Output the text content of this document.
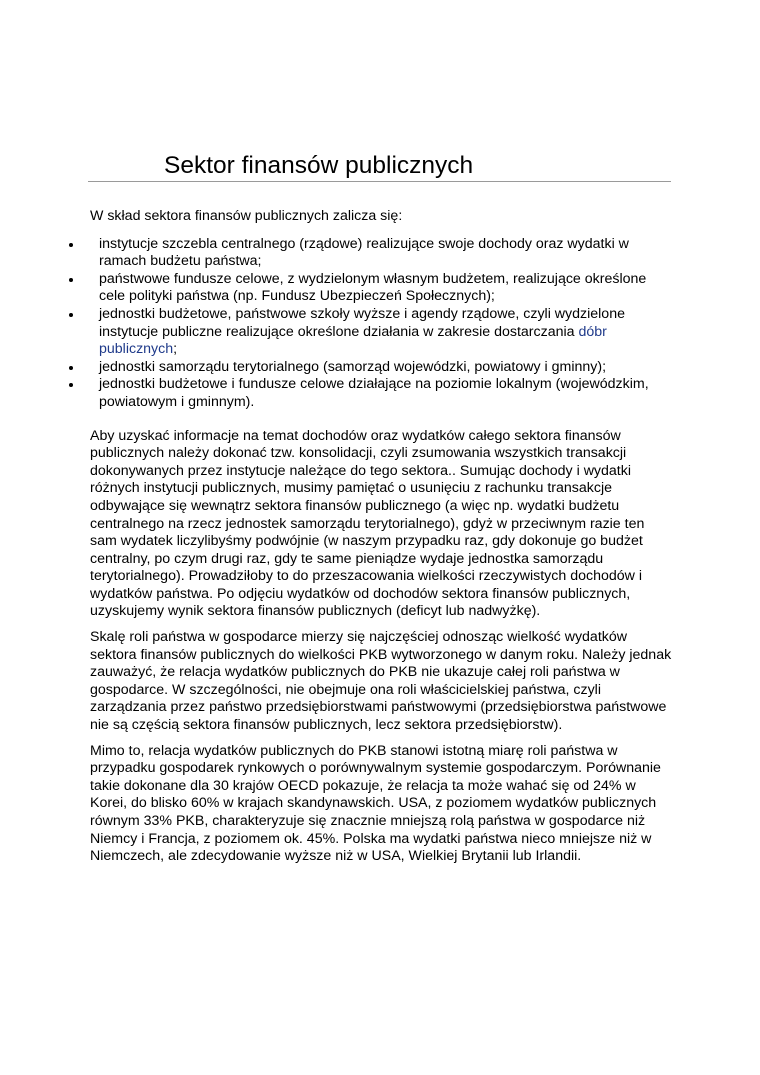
Sektor finansów publicznych

W skład sektora finansów publicznych zalicza się:

instytucje szczebla centralnego (rządowe) realizujące swoje dochody oraz wydatki w ramach budżetu państwa;
państwowe fundusze celowe, z wydzielonym własnym budżetem, realizujące określone cele polityki państwa (np. Fundusz Ubezpieczeń Społecznych);
jednostki budżetowe, państwowe szkoły wyższe i agendy rządowe, czyli wydzielone instytucje publiczne realizujące określone działania w zakresie dostarczania dóbr publicznych;
jednostki samorządu terytorialnego (samorząd wojewódzki, powiatowy i gminny);
jednostki budżetowe i fundusze celowe działające na poziomie lokalnym (wojewódzkim, powiatowym i gminnym).

Aby uzyskać informacje na temat dochodów oraz wydatków całego sektora finansów publicznych należy dokonać tzw. konsolidacji, czyli zsumowania wszystkich transakcji dokonywanych przez instytucje należące do tego sektora.. Sumując dochody i wydatki różnych instytucji publicznych, musimy pamiętać o usunięciu z rachunku transakcje odbywające się wewnątrz sektora finansów publicznego (a więc np. wydatki budżetu centralnego na rzecz jednostek samorządu terytorialnego), gdyż w przeciwnym razie ten sam wydatek liczylibyśmy podwójnie (w naszym przypadku raz, gdy dokonuje go budżet centralny, po czym drugi raz, gdy te same pieniądze wydaje jednostka samorządu terytorialnego). Prowadziłoby to do przeszacowania wielkości rzeczywistych dochodów i wydatków państwa. Po odjęciu wydatków od dochodów sektora finansów publicznych, uzyskujemy wynik sektora finansów publicznych (deficyt lub nadwyżkę).

Skalę roli państwa w gospodarce mierzy się najczęściej odnosząc wielkość wydatków sektora finansów publicznych do wielkości PKB wytworzonego w danym roku. Należy jednak zauważyć, że relacja wydatków publicznych do PKB nie ukazuje całej roli państwa w gospodarce. W szczególności, nie obejmuje ona roli właścicielskiej państwa, czyli zarządzania przez państwo przedsiębiorstwami państwowymi (przedsiębiorstwa państwowe nie są częścią sektora finansów publicznych, lecz sektora przedsiębiorstw).

Mimo to, relacja wydatków publicznych do PKB stanowi istotną miarę roli państwa w przypadku gospodarek rynkowych o porównywalnym systemie gospodarczym. Porównanie takie dokonane dla 30 krajów OECD pokazuje, że relacja ta może wahać się od 24% w Korei, do blisko 60% w krajach skandynawskich. USA, z poziomem wydatków publicznych równym 33% PKB, charakteryzuje się znacznie mniejszą rolą państwa w gospodarce niż Niemcy i Francja, z poziomem ok. 45%. Polska ma wydatki państwa nieco mniejsze niż w Niemczech, ale zdecydowanie wyższe niż w USA, Wielkiej Brytanii lub Irlandii.
